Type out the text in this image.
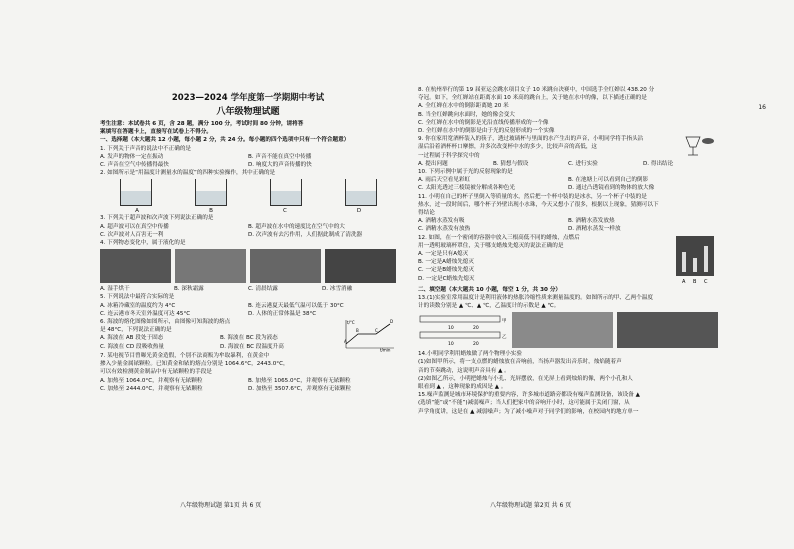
2023—2024 学年度第一学期期中考试
八年级物理试题
考生注意：本试卷共 6 页，含 28 题，满分 100 分，考试时间 80 分钟，请将答
案填写在答题卡上，直接写在试卷上不得分。
一、选择题（本大题共 12 小题，每小题 2 分，共 24 分。每小题的四个选项中只有一个符合题意）
1. 下列关于声音的说法中不正确的是
A. 发声的物体一定在振动	B. 声音不能在真空中传播
C. 声音在空气中传播得最快	D. 响度大的声音传播的快
2. 如图所示是“用温度计测量水的温度”的四种实验操作，其中正确的是
A	B	C	D
3. 下列关于超声波和次声波下列说法正确的是
A. 超声波可以在真空中传播	B. 超声波在水中的速度比在空气中的大
C. 次声波对人百害无一利	D. 次声波有去污作用，人们据此制成了清洗器
4. 下列物态变化中，属于液化的是
A. 湿手烘干	B. 深秋霜露	C. 清晨结露	D. 冰雪消融
5. 下列说法中最符合实际的是
A. 冰箱冷藏室的温度约为 4°C	B. 连云港夏天最低气温可以低于 30°C
C. 连云港市冬天室外温度可达 45°C	D. 人体的正常体温是 38°C
6. 海波的熔化图像如图所示，由图像可知海波的熔点
是 48°C，下列说法正确的是
A. 海波在 AB 段处于固态	B. 海波在 BC 段为液态
C. 海波在 CD 段吸收热量	D. 海波在 BC 段温度升高
t/°C
t/min
A
B	C
D
7. 某电视节目曾曝光黄金造假，个别不法商贩为牟取暴利，在黄金中
掺入少量金属铱颗粒。已知黄金和铱的熔点分别是 1064.6°C，2443.0°C，
可以有效检测黄金制品中有无铱颗粒的手段是
A. 加热至 1064.0°C，并观察有无铱颗粒	B. 加热至 1065.0°C，并观察有无铱颗粒
C. 加热至 2444.0°C，并观察有无铱颗粒	D. 加热至 3507.6°C，并观察有无铱颗粒
8. 在杭州举行的第 19 届亚运会跳水项目女子 10 米跳台决赛中，中国选手全红婵以 438.20 分
夺冠。如下，全红婵站在距离水面 10 米高的跳台上，关于她在水中的像，以下描述正确的是
A. 全红婵在水中的倒影距离她 20 米
B. 当全红婵跳向水面时，她的像会变大
C. 全红婵在水中的倒影是光沿直线传播形成的一个像
D. 全红婵在水中的倒影是由于光的反射形成的一个实像
9. 你在家用宽酒杯装入的筷子，透过玻璃杯与里面的水产生出的声音，小明同学将手指头沾
湿后沿着酒杯杯口摩擦，并多次改变杯中水的多少，比较声音的高低，这
一过程属于科学探究中的
A. 提出问题	B. 猜想与假设	C. 进行实验	D. 得出结论
10. 下列示例中属于光的反射现象的是
A. 雨后天空看见彩虹	B. 在池塘上可以看到自己的倒影
C. 太阳光透过三棱镜被分解成各种色光	D. 通过凸透镜看到的物体的放大像
11. 小明在自己的杯子里倒入等质量的水，然后把一个杯中装的是冰水，另一个杯子中装的是
热水，过一段时间后，哪个杯子外壁出现小水珠，今天又想小了很多，根据以上现象，猜测可以下
得结论
A. 酒精水蒸发有吸	B. 酒精水蒸发放热
C. 酒精水蒸发有放热	D. 酒精水蒸发一样放
12. 如图，在一个密闭的容器中放入三根高低不同的蜡烛，点燃后
用一透明玻璃杯罩住，关于哪支蜡烛先熄灭的说法正确的是
A. 一定是只有A熄灭
B. 一定是A蜡烛先熄灭
C. 一定是B蜡烛先熄灭
D. 一定是C蜡烛先熄灭	A B C
二、填空题（本大题共 10 小题，每空 1 分，共 30 分）
13.(1)实验室常用温度计是利用液体的热胀冷缩性质来测量温度的。如图所示的甲、乙两个温度
计的读数分别是 ▲ ℃、▲ ℃，乙温度计的示数是 ▲ ℃。
10	20
10	20
甲
乙
14.小明同学利用蜡烛做了两个物理小实验
(1)如图甲所示，将一支点燃的蜡烛放在音响前，当扬声器发出音乐时，烛焰随着声
音的节奏跳动，这说明声音具有 ▲ 。
(2)如图乙所示，小明把蜡烛与小孔、光屏摆放，在光屏上看到烛焰的像，两个小孔和人
眼看到 ▲ ，这种现象的成因是 ▲ 。
15.噪声监测是城市环境保护的重要内容，许多城市道路旁都设有噪声监测设备，该设备 ▲
(选填“能”或“不能”)减弱噪声；当人们把家中的音响开小时，这可能属于关闭门窗，从
声学角度讲，这是在 ▲ 减弱噪声；为了减小噪声对于同学们的影响，在校园内的地方单一
八年级物理试题 第1页 共 6 页	八年级物理试题 第2页 共 6 页
16
